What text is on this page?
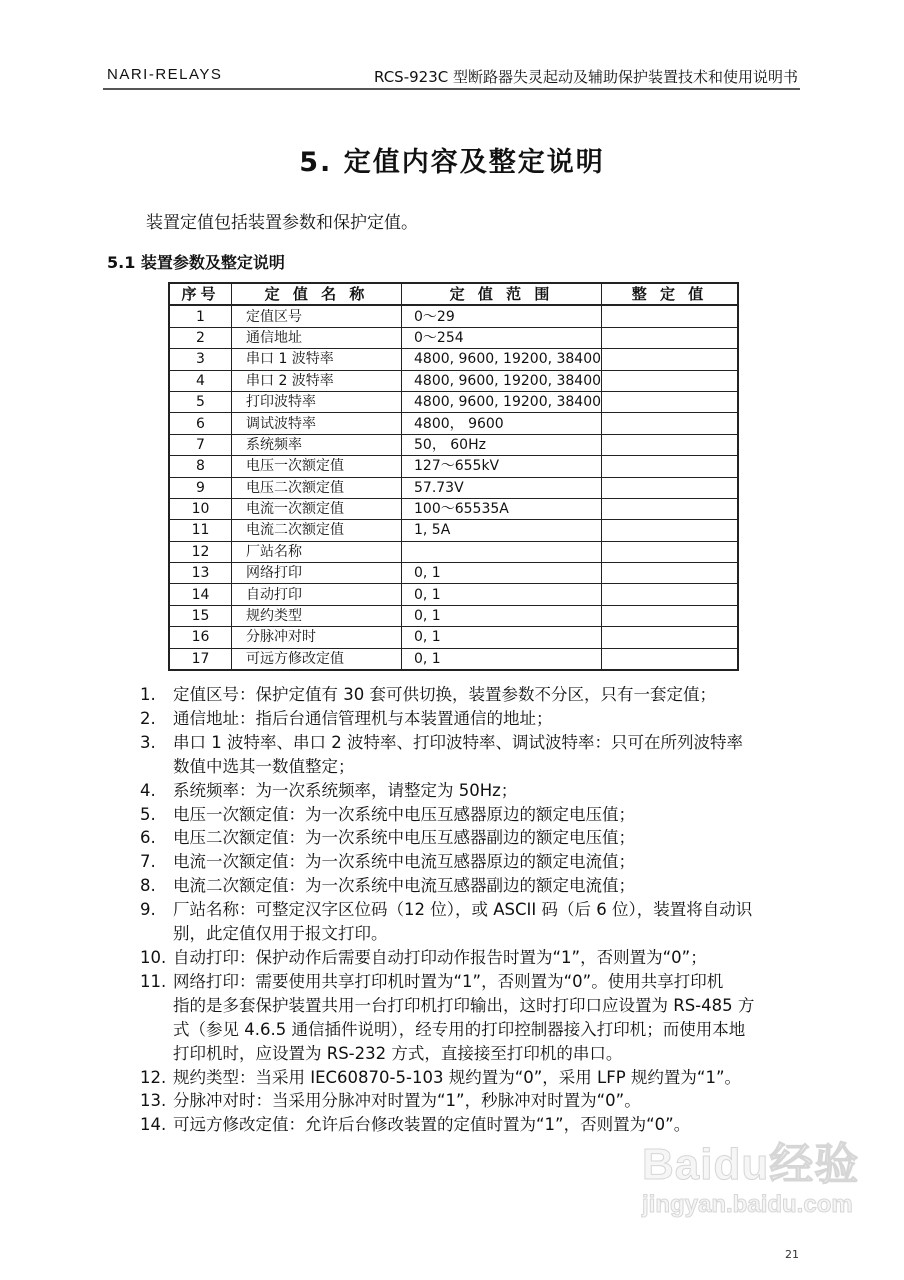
NARI-RELAYS	RCS-923C 型断路器失灵起动及辅助保护装置技术和使用说明书
5. 定值内容及整定说明
装置定值包括装置参数和保护定值。
5.1 装置参数及整定说明
序号	定 值 名 称	定 值 范 围	整 定 值
1	定值区号	0～29	
2	通信地址	0～254	
3	串口 1 波特率	4800, 9600, 19200, 38400	
4	串口 2 波特率	4800, 9600, 19200, 38400	
5	打印波特率	4800, 9600, 19200, 38400	
6	调试波特率	4800， 9600	
7	系统频率	50， 60Hz	
8	电压一次额定值	127～655kV	
9	电压二次额定值	57.73V	
10	电流一次额定值	100～65535A	
11	电流二次额定值	1, 5A	
12	厂站名称		
13	网络打印	0, 1	
14	自动打印	0, 1	
15	规约类型	0, 1	
16	分脉冲对时	0, 1	
17	可远方修改定值	0, 1	
1.	定值区号：保护定值有 30 套可供切换，装置参数不分区，只有一套定值；
2.	通信地址：指后台通信管理机与本装置通信的地址；
3.	串口 1 波特率、串口 2 波特率、打印波特率、调试波特率：只可在所列波特率
数值中选其一数值整定；
4.	系统频率：为一次系统频率，请整定为 50Hz；
5.	电压一次额定值：为一次系统中电压互感器原边的额定电压值；
6.	电压二次额定值：为一次系统中电压互感器副边的额定电压值；
7.	电流一次额定值：为一次系统中电流互感器原边的额定电流值；
8.	电流二次额定值：为一次系统中电流互感器副边的额定电流值；
9.	厂站名称：可整定汉字区位码（12 位），或 ASCII 码（后 6 位），装置将自动识
别，此定值仅用于报文打印。
10. 自动打印：保护动作后需要自动打印动作报告时置为“1”，否则置为“0”；
11. 网络打印：需要使用共享打印机时置为“1”，否则置为“0”。使用共享打印机
指的是多套保护装置共用一台打印机打印输出，这时打印口应设置为 RS-485 方
式（参见 4.6.5 通信插件说明），经专用的打印控制器接入打印机；而使用本地
打印机时，应设置为 RS-232 方式，直接接至打印机的串口。
12. 规约类型：当采用 IEC60870-5-103 规约置为“0”，采用 LFP 规约置为“1”。
13. 分脉冲对时：当采用分脉冲对时置为“1”，秒脉冲对时置为“0”。
14. 可远方修改定值：允许后台修改装置的定值时置为“1”，否则置为“0”。
Baidu经验
jingyan.baidu.com
21
